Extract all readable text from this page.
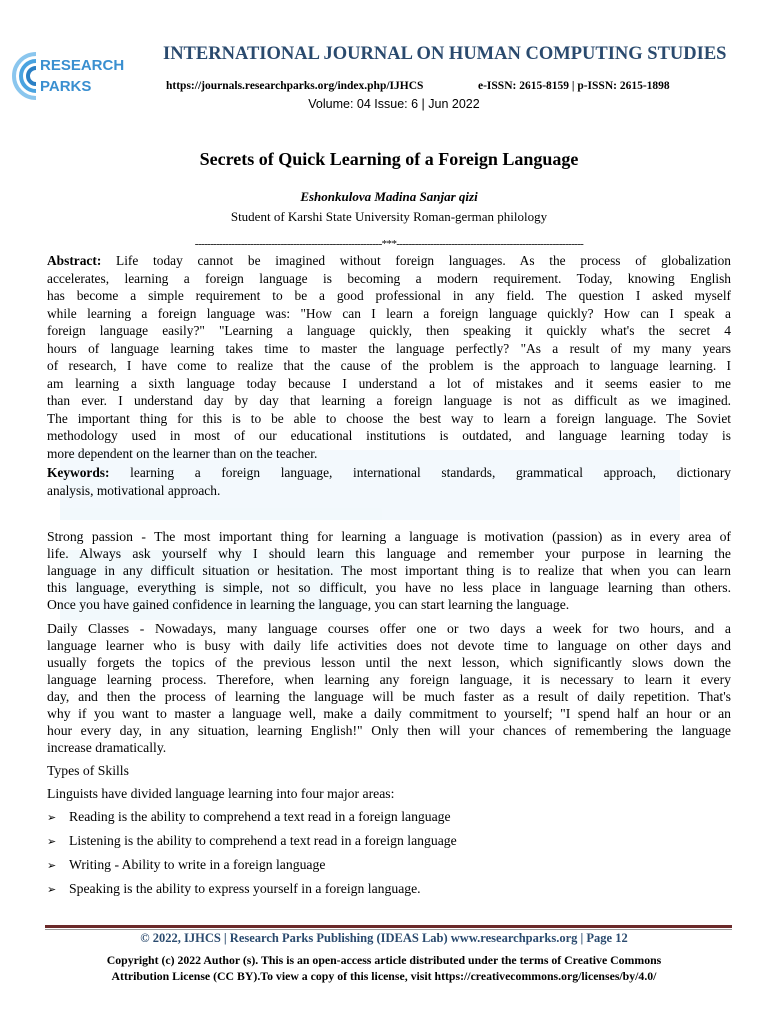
RESEARCH
PARKS
INTERNATIONAL JOURNAL ON HUMAN COMPUTING STUDIES
https://journals.researchparks.org/index.php/IJHCS	e-ISSN: 2615-8159 | p-ISSN: 2615-1898
Volume: 04 Issue: 6 | Jun 2022
Secrets of Quick Learning of a Foreign Language
Eshonkulova Madina Sanjar qizi
Student of Karshi State University Roman-german philology
-------------------------------------------------------------***-------------------------------------------------------------
Abstract: Life today cannot be imagined without foreign languages. As the process of globalization
accelerates, learning a foreign language is becoming a modern requirement. Today, knowing English
has become a simple requirement to be a good professional in any field. The question I asked myself
while learning a foreign language was: "How can I learn a foreign language quickly? How can I speak a
foreign language easily?" "Learning a language quickly, then speaking it quickly what's the secret 4
hours of language learning takes time to master the language perfectly? "As a result of my many years
of research, I have come to realize that the cause of the problem is the approach to language learning. I
am learning a sixth language today because I understand a lot of mistakes and it seems easier to me
than ever. I understand day by day that learning a foreign language is not as difficult as we imagined.
The important thing for this is to be able to choose the best way to learn a foreign language. The Soviet
methodology used in most of our educational institutions is outdated, and language learning today is
more dependent on the learner than on the teacher.
Keywords: learning a foreign language, international standards, grammatical approach, dictionary
analysis, motivational approach.
Strong passion - The most important thing for learning a language is motivation (passion) as in every area of
life. Always ask yourself why I should learn this language and remember your purpose in learning the
language in any difficult situation or hesitation. The most important thing is to realize that when you can learn
this language, everything is simple, not so difficult, you have no less place in language learning than others.
Once you have gained confidence in learning the language, you can start learning the language.
Daily Classes - Nowadays, many language courses offer one or two days a week for two hours, and a
language learner who is busy with daily life activities does not devote time to language on other days and
usually forgets the topics of the previous lesson until the next lesson, which significantly slows down the
language learning process. Therefore, when learning any foreign language, it is necessary to learn it every
day, and then the process of learning the language will be much faster as a result of daily repetition. That's
why if you want to master a language well, make a daily commitment to yourself; "I spend half an hour or an
hour every day, in any situation, learning English!" Only then will your chances of remembering the language
increase dramatically.
Types of Skills
Linguists have divided language learning into four major areas:
➢ Reading is the ability to comprehend a text read in a foreign language
➢ Listening is the ability to comprehend a text read in a foreign language
➢ Writing - Ability to write in a foreign language
➢ Speaking is the ability to express yourself in a foreign language.
© 2022, IJHCS | Research Parks Publishing (IDEAS Lab) www.researchparks.org | Page 12
Copyright (c) 2022 Author (s). This is an open-access article distributed under the terms of Creative Commons
Attribution License (CC BY).To view a copy of this license, visit https://creativecommons.org/licenses/by/4.0/
